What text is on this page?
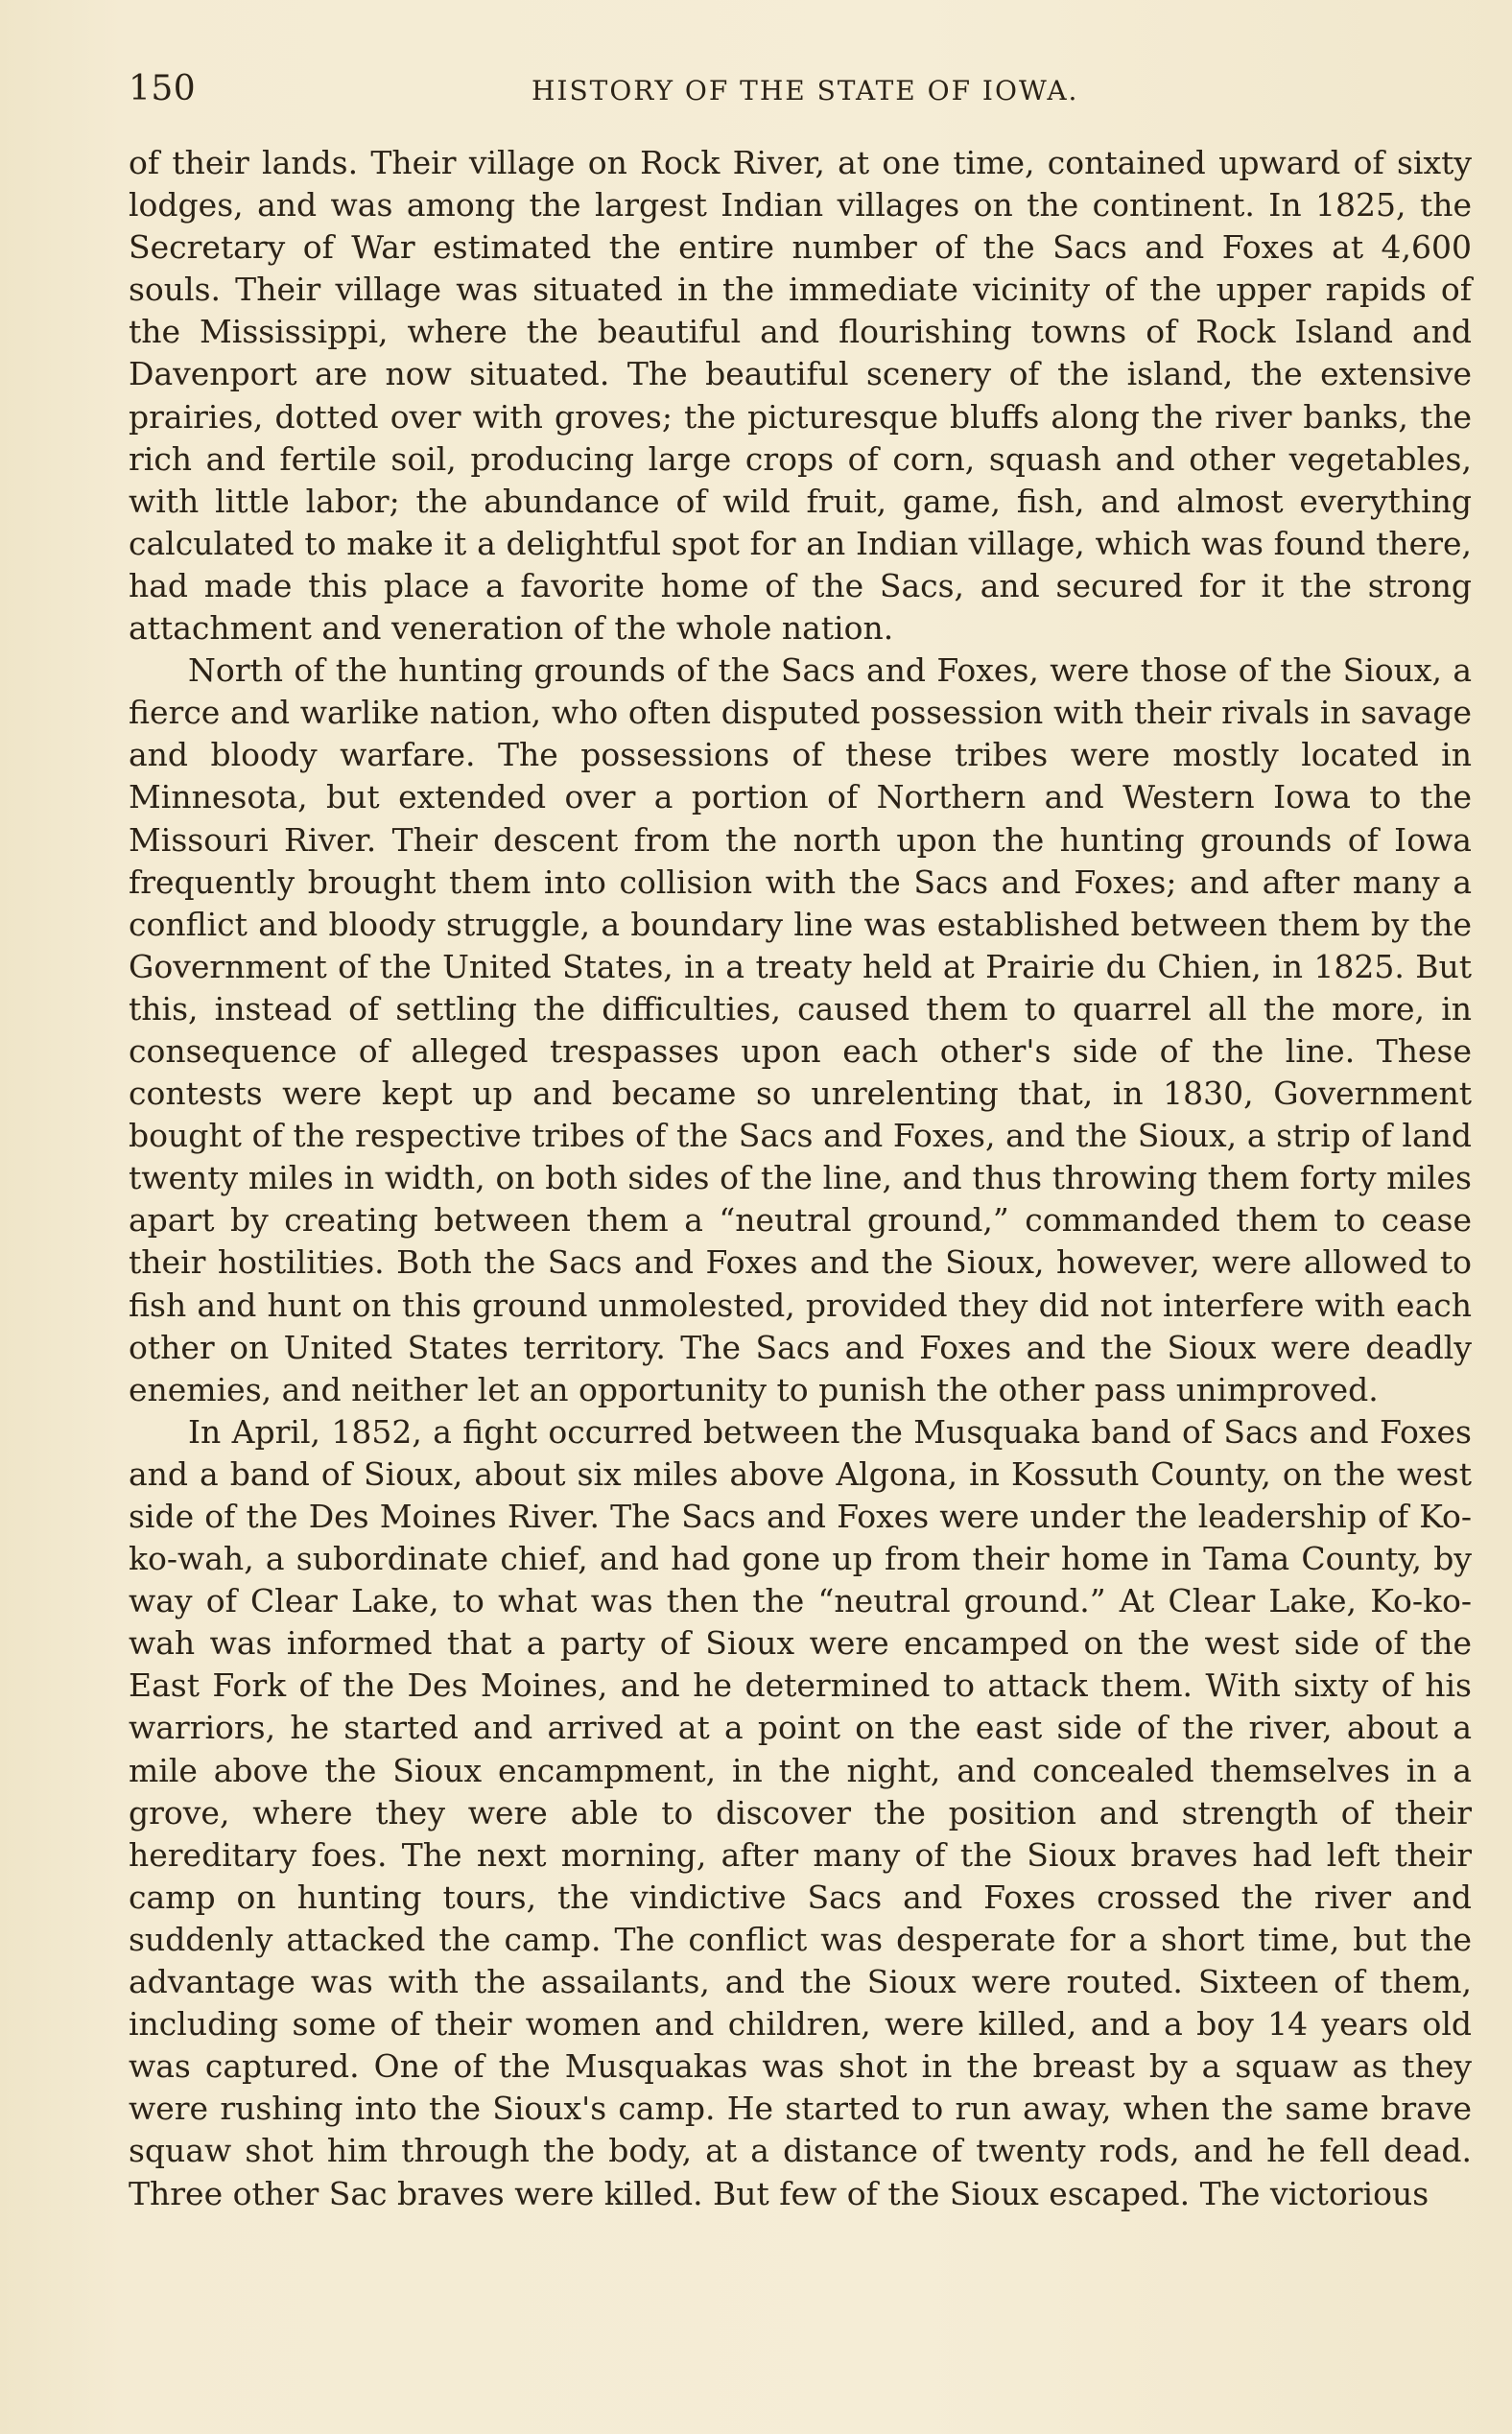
150	HISTORY OF THE STATE OF IOWA.

of their lands. Their village on Rock River, at one time, contained upward of sixty lodges, and was among the largest Indian villages on the continent. In 1825, the Secretary of War estimated the entire number of the Sacs and Foxes at 4,600 souls. Their village was situated in the immediate vicinity of the upper rapids of the Mississippi, where the beautiful and flourishing towns of Rock Island and Davenport are now situated. The beautiful scenery of the island, the extensive prairies, dotted over with groves; the picturesque bluffs along the river banks, the rich and fertile soil, producing large crops of corn, squash and other vegetables, with little labor; the abundance of wild fruit, game, fish, and almost everything calculated to make it a delightful spot for an Indian village, which was found there, had made this place a favorite home of the Sacs, and secured for it the strong attachment and veneration of the whole nation.

North of the hunting grounds of the Sacs and Foxes, were those of the Sioux, a fierce and warlike nation, who often disputed possession with their rivals in savage and bloody warfare. The possessions of these tribes were mostly located in Minnesota, but extended over a portion of Northern and Western Iowa to the Missouri River. Their descent from the north upon the hunting grounds of Iowa frequently brought them into collision with the Sacs and Foxes; and after many a conflict and bloody struggle, a boundary line was established between them by the Government of the United States, in a treaty held at Prairie du Chien, in 1825. But this, instead of settling the difficulties, caused them to quarrel all the more, in consequence of alleged trespasses upon each other's side of the line. These contests were kept up and became so unrelenting that, in 1830, Government bought of the respective tribes of the Sacs and Foxes, and the Sioux, a strip of land twenty miles in width, on both sides of the line, and thus throwing them forty miles apart by creating between them a “neutral ground,” commanded them to cease their hostilities. Both the Sacs and Foxes and the Sioux, however, were allowed to fish and hunt on this ground unmolested, provided they did not interfere with each other on United States territory. The Sacs and Foxes and the Sioux were deadly enemies, and neither let an opportunity to punish the other pass unimproved.

In April, 1852, a fight occurred between the Musquaka band of Sacs and Foxes and a band of Sioux, about six miles above Algona, in Kossuth County, on the west side of the Des Moines River. The Sacs and Foxes were under the leadership of Ko-ko-wah, a subordinate chief, and had gone up from their home in Tama County, by way of Clear Lake, to what was then the “neutral ground.” At Clear Lake, Ko-ko-wah was informed that a party of Sioux were encamped on the west side of the East Fork of the Des Moines, and he determined to attack them. With sixty of his warriors, he started and arrived at a point on the east side of the river, about a mile above the Sioux encampment, in the night, and concealed themselves in a grove, where they were able to discover the position and strength of their hereditary foes. The next morning, after many of the Sioux braves had left their camp on hunting tours, the vindictive Sacs and Foxes crossed the river and suddenly attacked the camp. The conflict was desperate for a short time, but the advantage was with the assailants, and the Sioux were routed. Sixteen of them, including some of their women and children, were killed, and a boy 14 years old was captured. One of the Musquakas was shot in the breast by a squaw as they were rushing into the Sioux's camp. He started to run away, when the same brave squaw shot him through the body, at a distance of twenty rods, and he fell dead. Three other Sac braves were killed. But few of the Sioux escaped. The victorious
